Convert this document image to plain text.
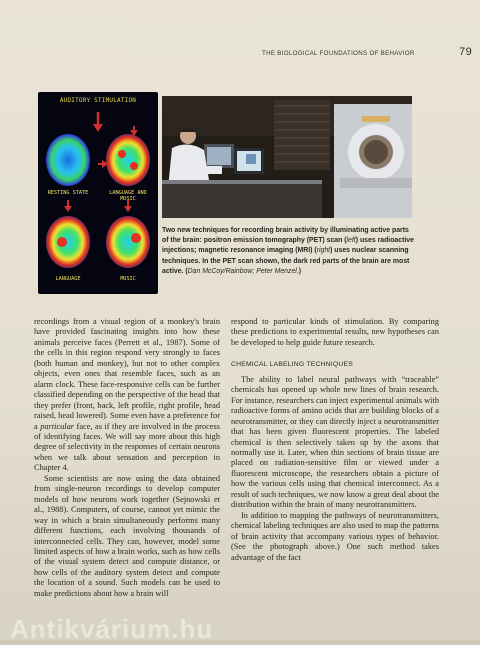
THE BIOLOGICAL FOUNDATIONS OF BEHAVIOR	79
AUDITORY STIMULATION
RESTING STATE	LANGUAGE AND MUSIC
LANGUAGE	MUSIC
Two new techniques for recording brain activity by illuminating active parts of the brain: positron emission tomography (PET) scan (left) uses radioactive injections; magnetic resonance imaging (MRI) (right) uses nuclear scanning techniques. In the PET scan shown, the dark red parts of the brain are most active. (Dan McCoy/Rainbow; Peter Menzel.)

recordings from a visual region of a monkey's brain have provided fascinating insights into how these animals perceive faces (Perrett et al., 1987). Some of the cells in this region respond very strongly to faces (both human and monkey), but not to other complex objects, even ones that resemble faces, such as an alarm clock. These face-responsive cells can be further classified depending on the perspective of the head that they prefer (front, back, left profile, right profile, head raised, head lowered). Some even have a preference for a particular face, as if they are involved in the process of identifying faces. We will say more about this high degree of selectivity in the responses of certain neurons when we talk about sensation and perception in Chapter 4.

Some scientists are now using the data obtained from single-neuron recordings to develop computer models of how neurons work together (Sejnowski et al., 1988). Computers, of course, cannot yet mimic the way in which a brain simultaneously performs many different functions, each involving thousands of interconnected cells. They can, however, model some limited aspects of how a brain works, such as how cells of the visual system detect and compute distance, or how cells of the auditory system detect and compute the location of a sound. Such models can be used to make predictions about how a brain will

respond to particular kinds of stimulation. By comparing these predictions to experimental results, new hypotheses can be developed to help guide future research.

CHEMICAL LABELING TECHNIQUES

The ability to label neural pathways with “traceable” chemicals has opened up whole new lines of brain research. For instance, researchers can inject experimental animals with radioactive forms of amino acids that are building blocks of a neurotransmitter, or they can directly inject a neurotransmitter that has been given fluorescent properties. The labeled chemical is then selectively taken up by the axons that normally use it. Later, when thin sections of brain tissue are placed on radiation-sensitive film or viewed under a fluorescent microscope, the researchers obtain a picture of how the various cells using that chemical interconnect. As a result of such techniques, we now know a great deal about the distribution within the brain of many neurotransmitters.

In addition to mapping the pathways of neurotransmitters, chemical labeling techniques are also used to map the patterns of brain activity that accompany various types of behavior. (See the photograph above.) One such method takes advantage of the fact

Antikvárium.hu
